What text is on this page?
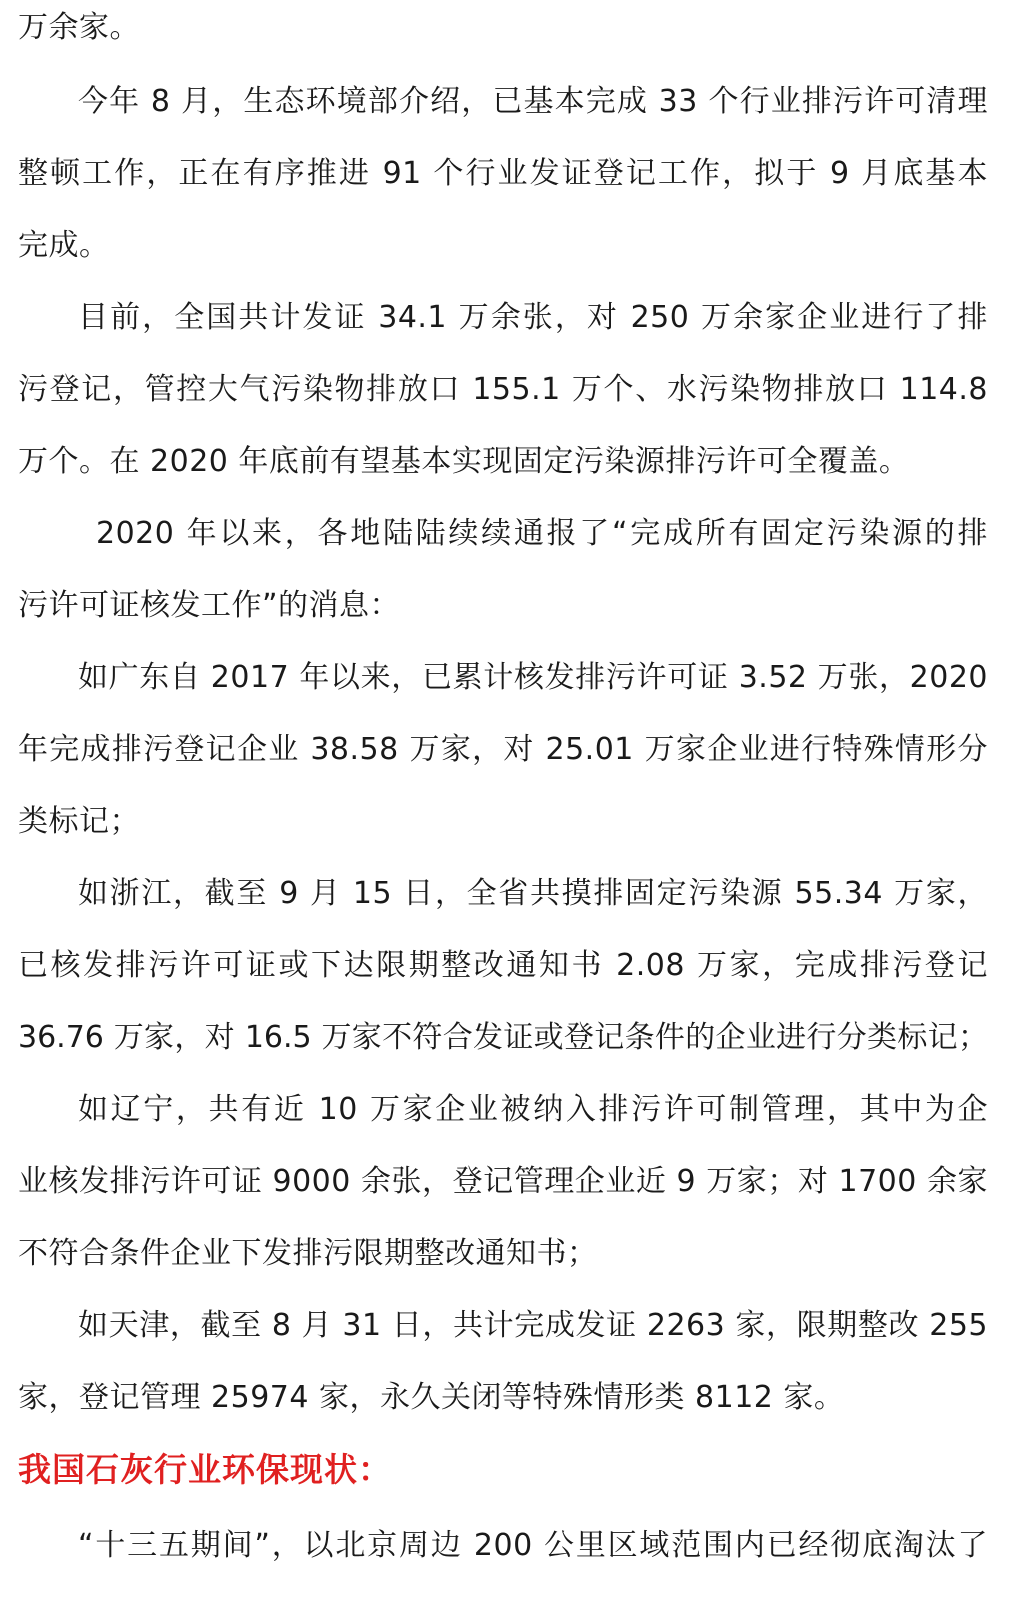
万余家。
今年 8 月，生态环境部介绍，已基本完成 33 个行业排污许可清理
整顿工作，正在有序推进 91 个行业发证登记工作，拟于 9 月底基本
完成。
目前，全国共计发证 34.1 万余张，对 250 万余家企业进行了排
污登记，管控大气污染物排放口 155.1 万个、水污染物排放口 114.8
万个。在 2020 年底前有望基本实现固定污染源排污许可全覆盖。
2020 年以来，各地陆陆续续通报了“完成所有固定污染源的排
污许可证核发工作”的消息：
如广东自 2017 年以来，已累计核发排污许可证 3.52 万张，2020
年完成排污登记企业 38.58 万家，对 25.01 万家企业进行特殊情形分
类标记；
如浙江，截至 9 月 15 日，全省共摸排固定污染源 55.34 万家，
已核发排污许可证或下达限期整改通知书 2.08 万家，完成排污登记
36.76 万家，对 16.5 万家不符合发证或登记条件的企业进行分类标记；
如辽宁，共有近 10 万家企业被纳入排污许可制管理，其中为企
业核发排污许可证 9000 余张，登记管理企业近 9 万家；对 1700 余家
不符合条件企业下发排污限期整改通知书；
如天津，截至 8 月 31 日，共计完成发证 2263 家，限期整改 255
家，登记管理 25974 家，永久关闭等特殊情形类 8112 家。
我国石灰行业环保现状：
“十三五期间”，以北京周边 200 公里区域范围内已经彻底淘汰了
